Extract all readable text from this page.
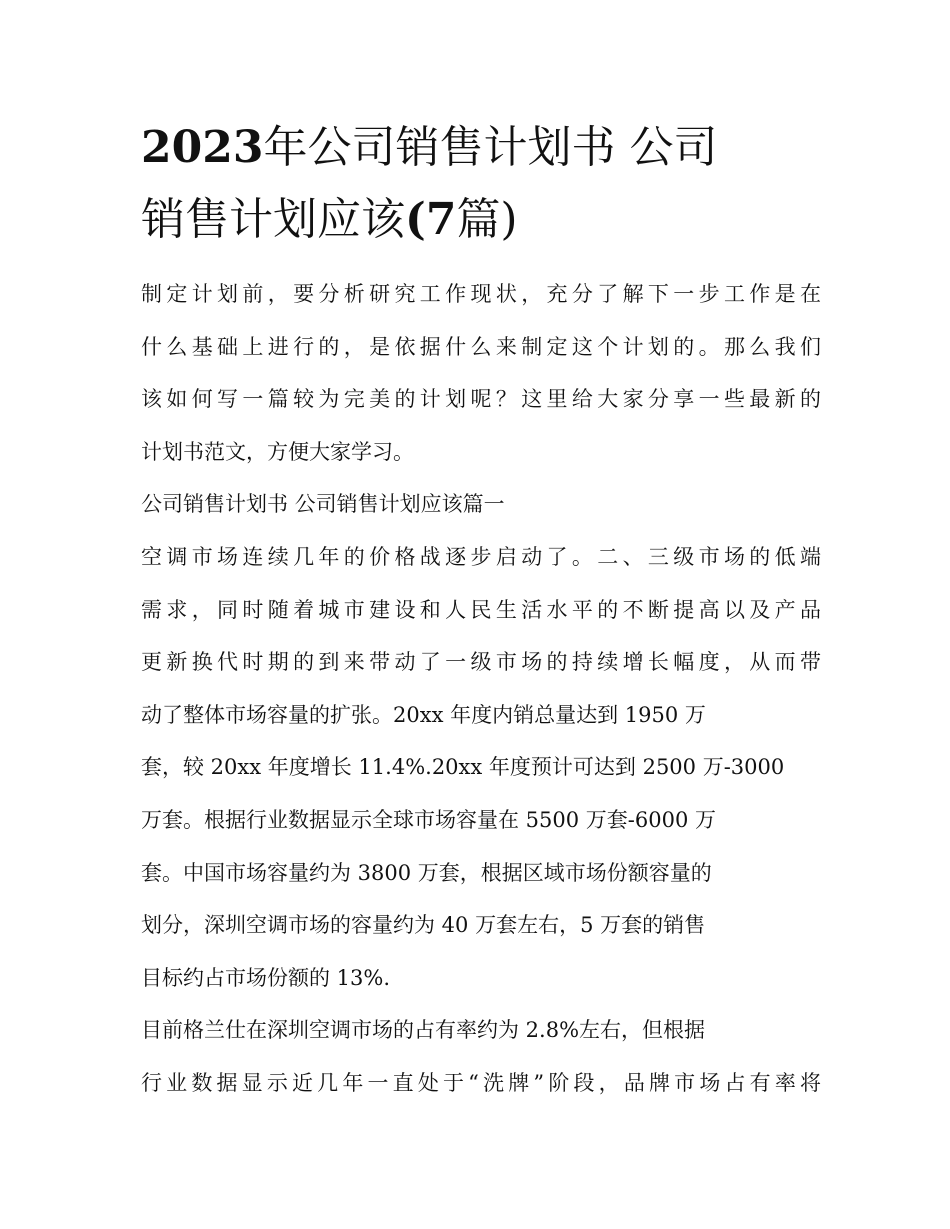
2023年公司销售计划书 公司
销售计划应该(7篇)
制定计划前，要分析研究工作现状，充分了解下一步工作是在
什么基础上进行的，是依据什么来制定这个计划的。那么我们
该如何写一篇较为完美的计划呢？这里给大家分享一些最新的
计划书范文，方便大家学习。
公司销售计划书 公司销售计划应该篇一
空调市场连续几年的价格战逐步启动了。二、三级市场的低端
需求，同时随着城市建设和人民生活水平的不断提高以及产品
更新换代时期的到来带动了一级市场的持续增长幅度，从而带
动了整体市场容量的扩张。20xx 年度内销总量达到 1950 万
套，较 20xx 年度增长 11.4%.20xx 年度预计可达到 2500 万-3000
万套。根据行业数据显示全球市场容量在 5500 万套-6000 万
套。中国市场容量约为 3800 万套，根据区域市场份额容量的
划分，深圳空调市场的容量约为 40 万套左右，5 万套的销售
目标约占市场份额的 13%.
目前格兰仕在深圳空调市场的占有率约为 2.8%左右，但根据
行业数据显示近几年一直处于“洗牌”阶段，品牌市场占有率将
